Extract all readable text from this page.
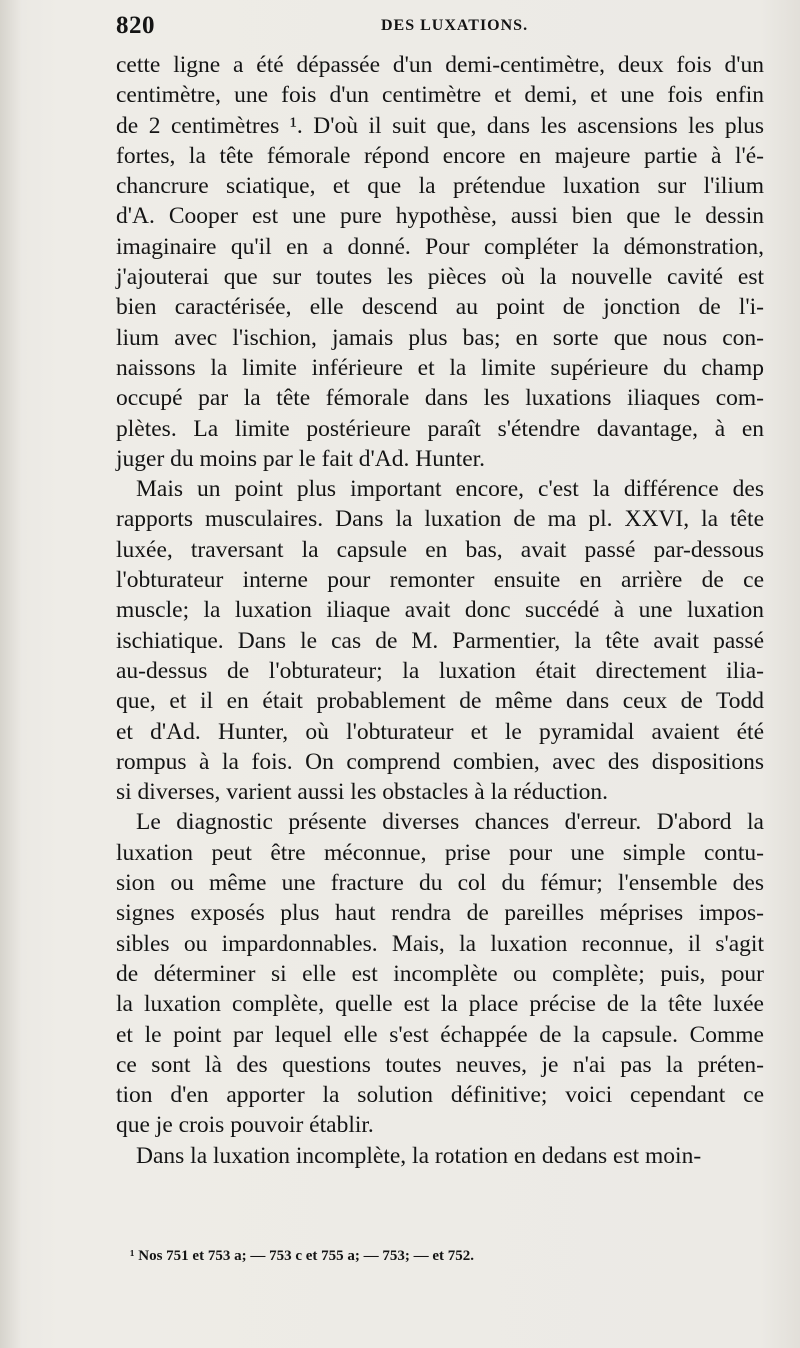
820	DES LUXATIONS.
cette ligne a été dépassée d'un demi-centimètre, deux fois d'un
centimètre, une fois d'un centimètre et demi, et une fois enfin
de 2 centimètres ¹. D'où il suit que, dans les ascensions les plus
fortes, la tête fémorale répond encore en majeure partie à l'é-
chancrure sciatique, et que la prétendue luxation sur l'ilium
d'A. Cooper est une pure hypothèse, aussi bien que le dessin
imaginaire qu'il en a donné. Pour compléter la démonstration,
j'ajouterai que sur toutes les pièces où la nouvelle cavité est
bien caractérisée, elle descend au point de jonction de l'i-
lium avec l'ischion, jamais plus bas; en sorte que nous con-
naissons la limite inférieure et la limite supérieure du champ
occupé par la tête fémorale dans les luxations iliaques com-
plètes. La limite postérieure paraît s'étendre davantage, à en
juger du moins par le fait d'Ad. Hunter.
Mais un point plus important encore, c'est la différence des
rapports musculaires. Dans la luxation de ma pl. XXVI, la tête
luxée, traversant la capsule en bas, avait passé par-dessous
l'obturateur interne pour remonter ensuite en arrière de ce
muscle; la luxation iliaque avait donc succédé à une luxation
ischiatique. Dans le cas de M. Parmentier, la tête avait passé
au-dessus de l'obturateur; la luxation était directement ilia-
que, et il en était probablement de même dans ceux de Todd
et d'Ad. Hunter, où l'obturateur et le pyramidal avaient été
rompus à la fois. On comprend combien, avec des dispositions
si diverses, varient aussi les obstacles à la réduction.
Le diagnostic présente diverses chances d'erreur. D'abord la
luxation peut être méconnue, prise pour une simple contu-
sion ou même une fracture du col du fémur; l'ensemble des
signes exposés plus haut rendra de pareilles méprises impos-
sibles ou impardonnables. Mais, la luxation reconnue, il s'agit
de déterminer si elle est incomplète ou complète; puis, pour
la luxation complète, quelle est la place précise de la tête luxée
et le point par lequel elle s'est échappée de la capsule. Comme
ce sont là des questions toutes neuves, je n'ai pas la préten-
tion d'en apporter la solution définitive; voici cependant ce
que je crois pouvoir établir.
Dans la luxation incomplète, la rotation en dedans est moin-
¹ Nos 751 et 753 a; — 753 c et 755 a; — 753; — et 752.
